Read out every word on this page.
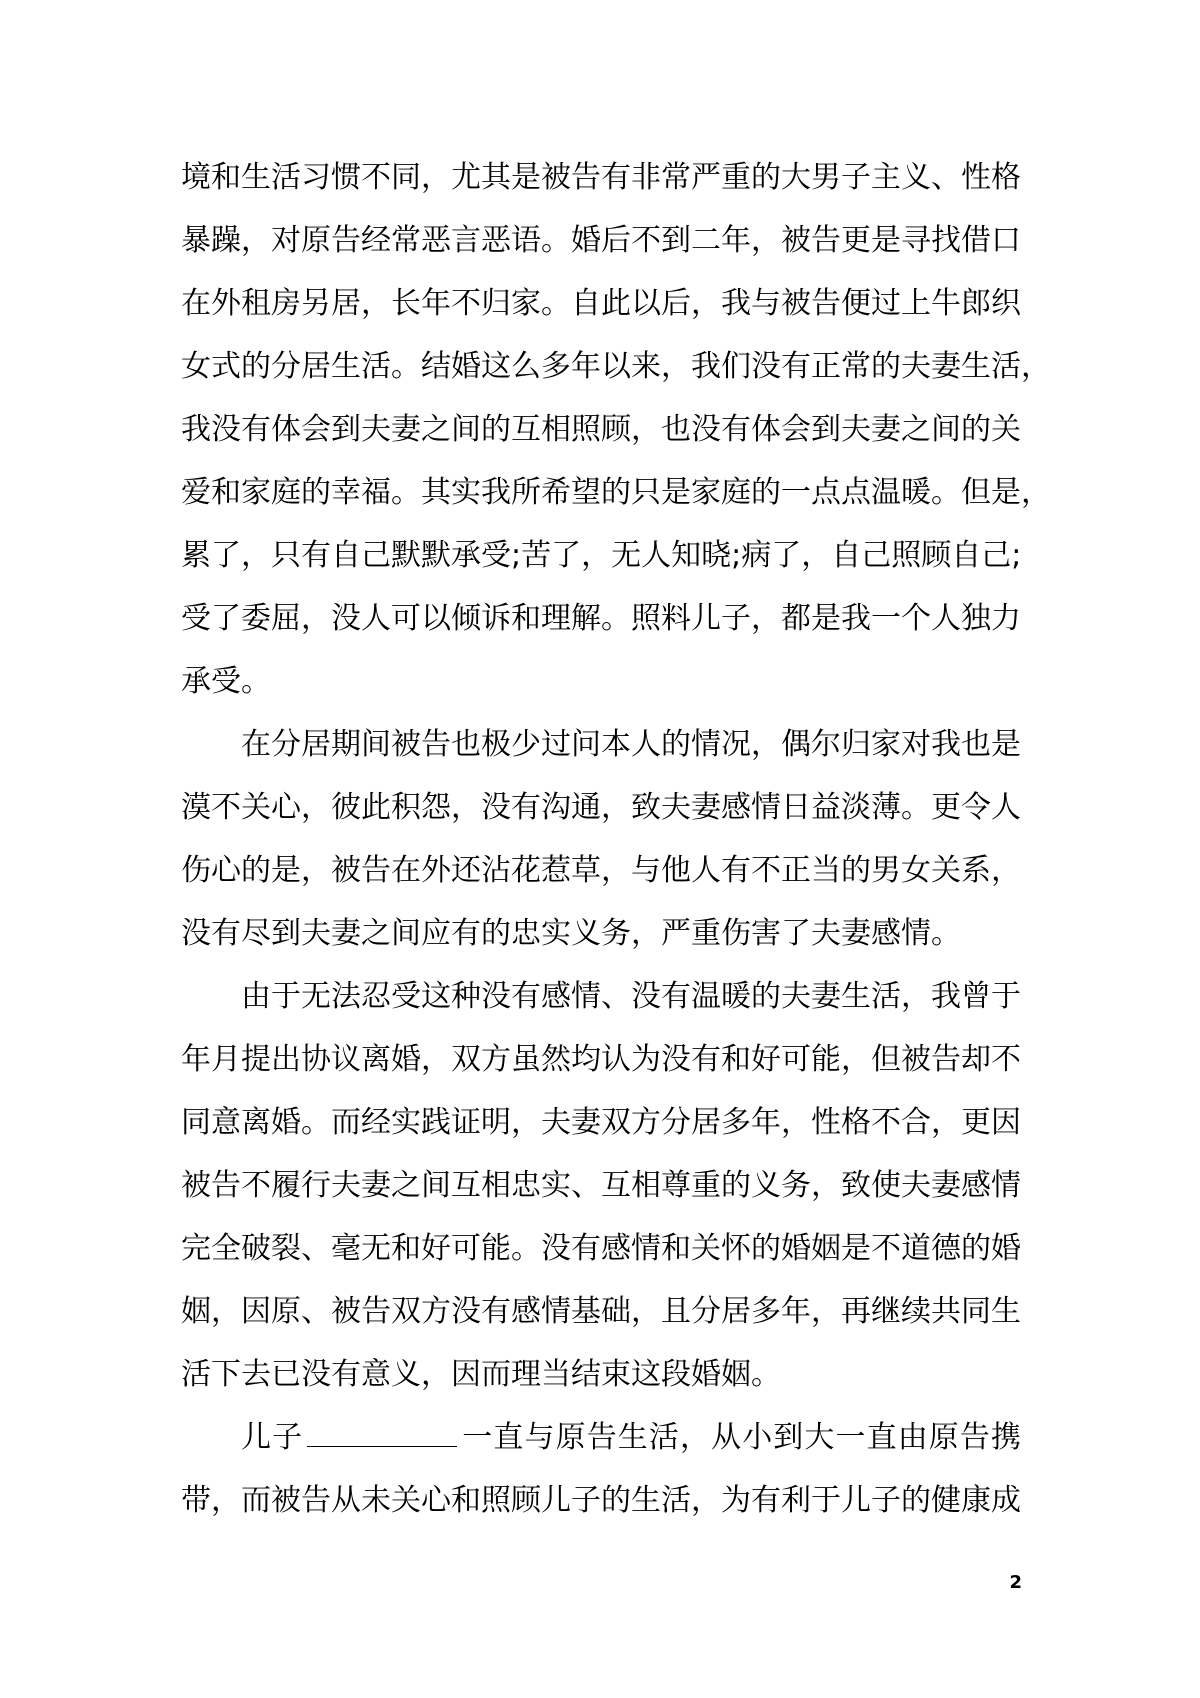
境和生活习惯不同，尤其是被告有非常严重的大男子主义、性格
暴躁，对原告经常恶言恶语。婚后不到二年，被告更是寻找借口
在外租房另居，长年不归家。自此以后，我与被告便过上牛郎织
女式的分居生活。结婚这么多年以来，我们没有正常的夫妻生活，
我没有体会到夫妻之间的互相照顾，也没有体会到夫妻之间的关
爱和家庭的幸福。其实我所希望的只是家庭的一点点温暖。但是，
累了，只有自己默默承受;苦了，无人知晓;病了，自己照顾自己;
受了委屈，没人可以倾诉和理解。照料儿子，都是我一个人独力
承受。
在分居期间被告也极少过问本人的情况，偶尔归家对我也是
漠不关心，彼此积怨，没有沟通，致夫妻感情日益淡薄。更令人
伤心的是，被告在外还沾花惹草，与他人有不正当的男女关系，
没有尽到夫妻之间应有的忠实义务，严重伤害了夫妻感情。
由于无法忍受这种没有感情、没有温暖的夫妻生活，我曾于
年月提出协议离婚，双方虽然均认为没有和好可能，但被告却不
同意离婚。而经实践证明，夫妻双方分居多年，性格不合，更因
被告不履行夫妻之间互相忠实、互相尊重的义务，致使夫妻感情
完全破裂、毫无和好可能。没有感情和关怀的婚姻是不道德的婚
姻，因原、被告双方没有感情基础，且分居多年，再继续共同生
活下去已没有意义，因而理当结束这段婚姻。
儿子	一直与原告生活，从小到大一直由原告携
带，而被告从未关心和照顾儿子的生活，为有利于儿子的健康成
2
